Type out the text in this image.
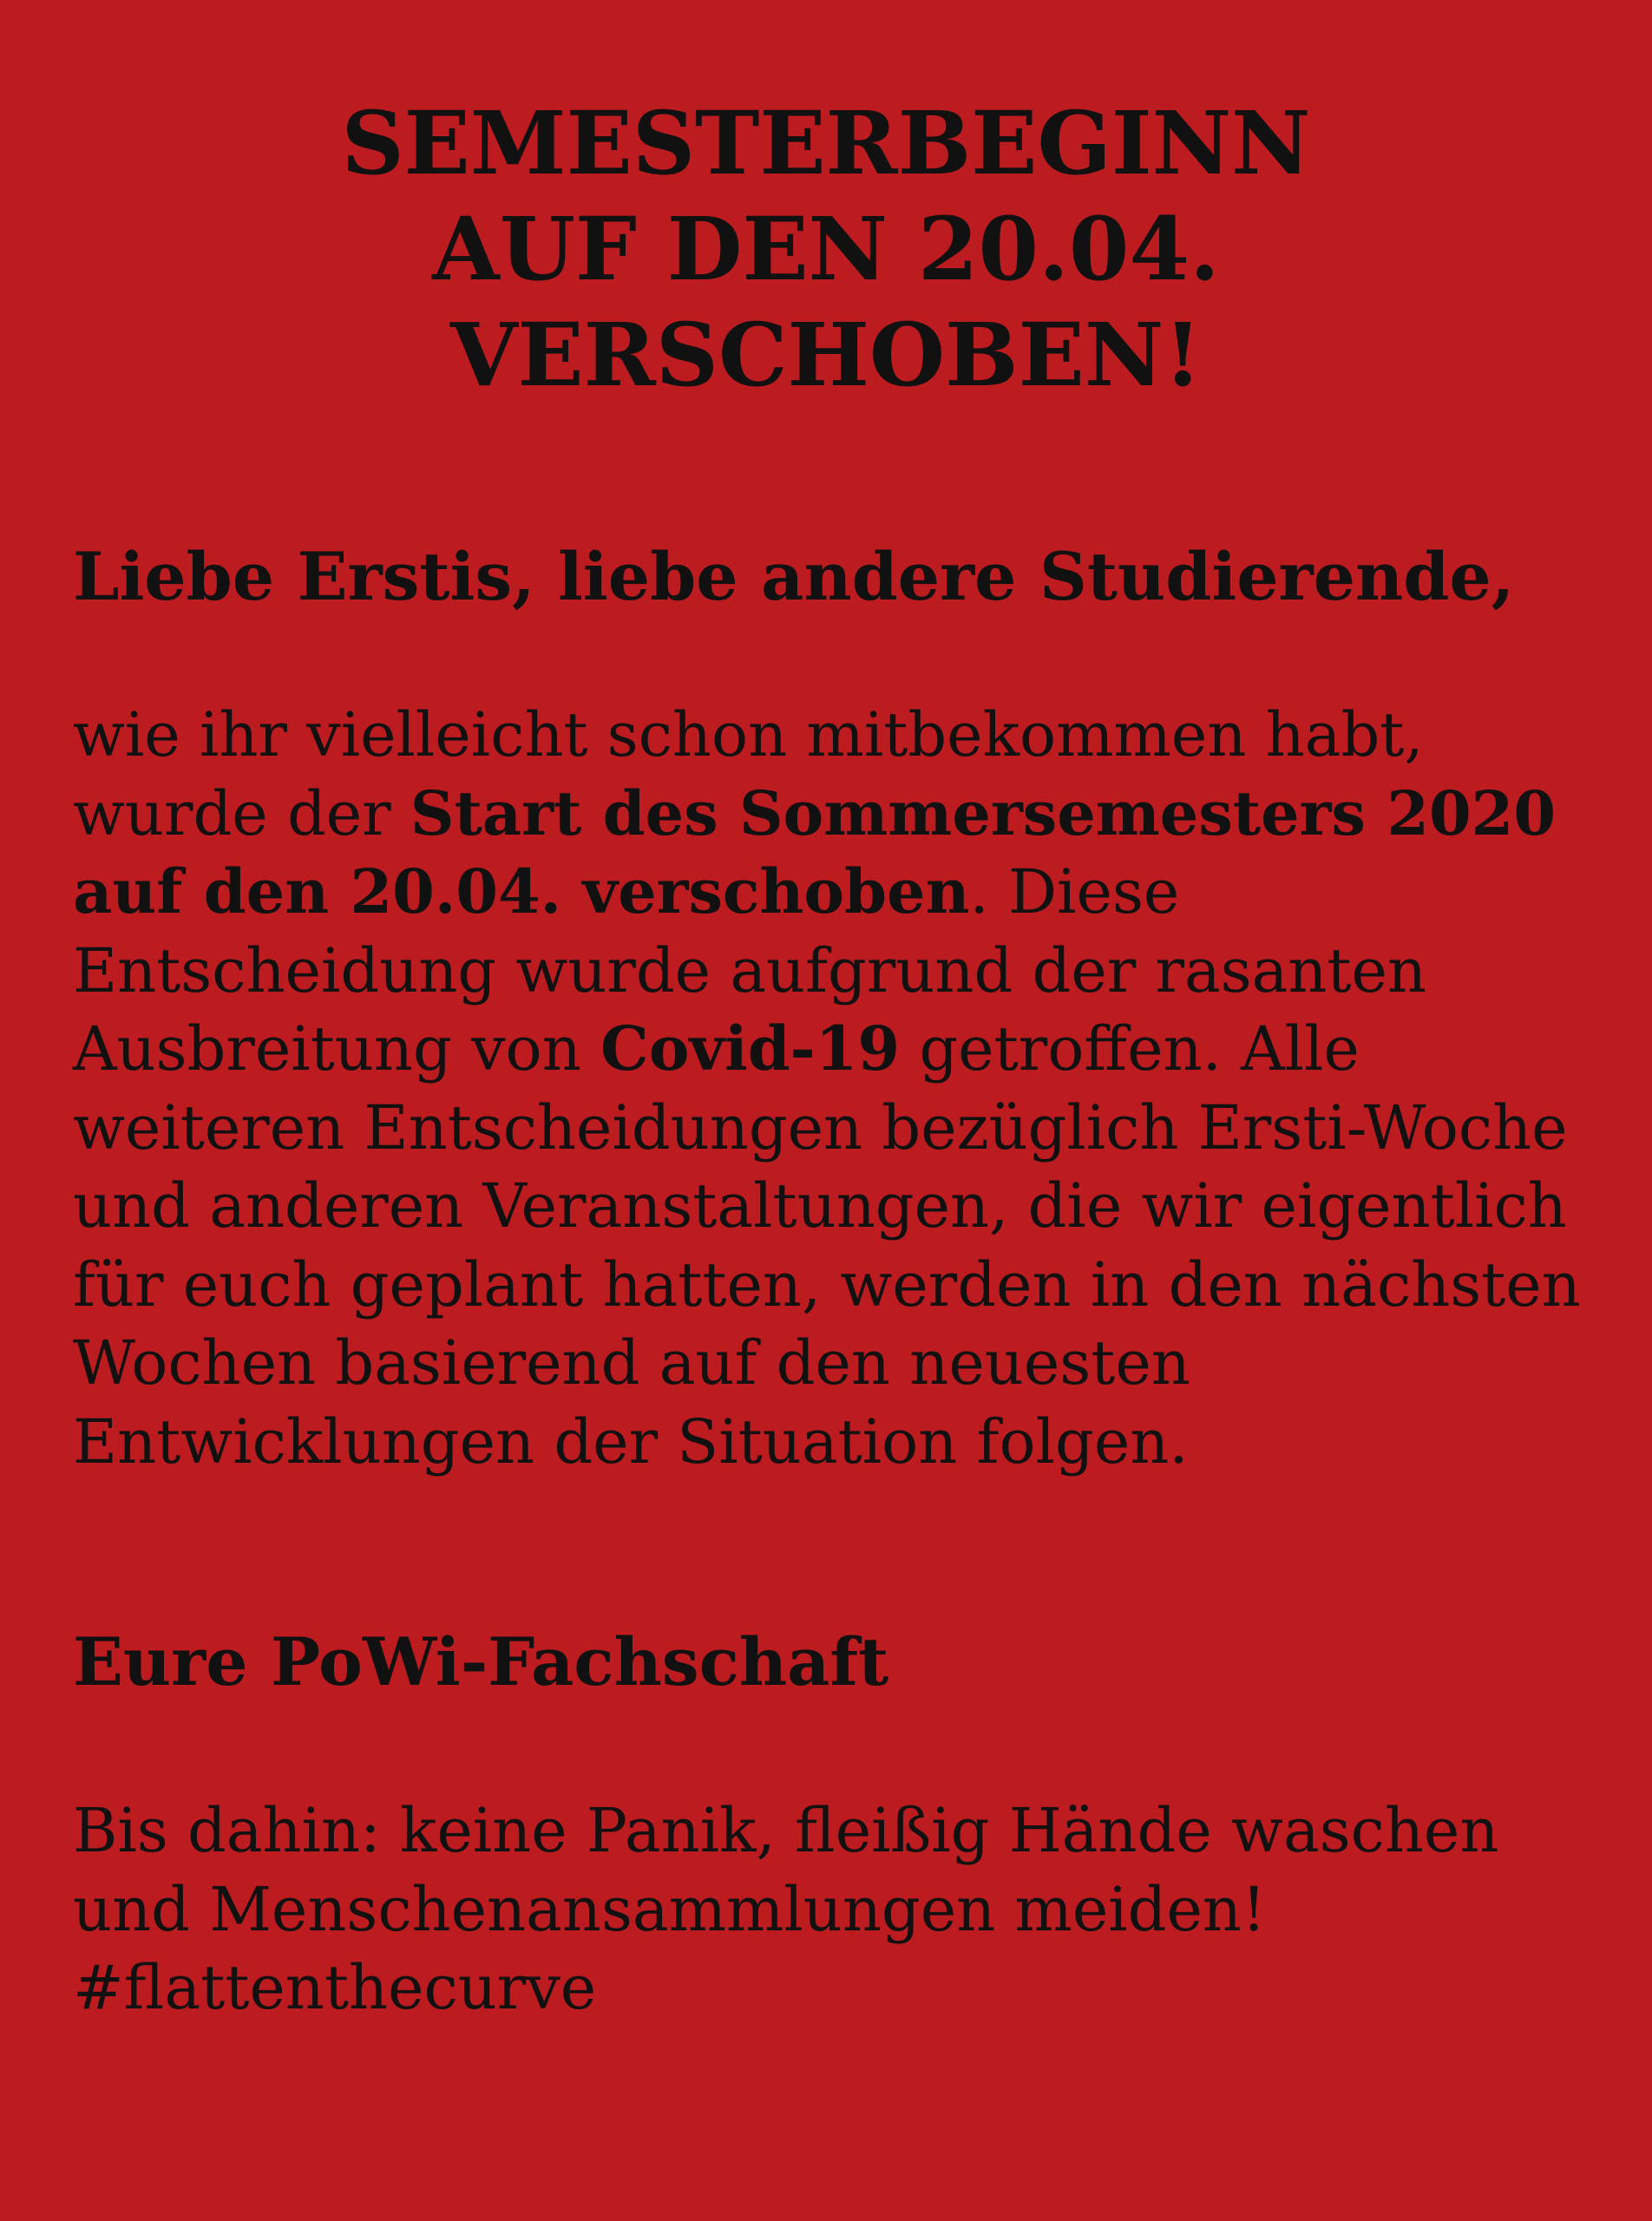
SEMESTERBEGINN
AUF DEN 20.04.
VERSCHOBEN!

Liebe Erstis, liebe andere Studierende,

wie ihr vielleicht schon mitbekommen habt,
wurde der Start des Sommersemesters 2020
auf den 20.04. verschoben. Diese
Entscheidung wurde aufgrund der rasanten
Ausbreitung von Covid-19 getroffen. Alle
weiteren Entscheidungen bezüglich Ersti-Woche
und anderen Veranstaltungen, die wir eigentlich
für euch geplant hatten, werden in den nächsten
Wochen basierend auf den neuesten
Entwicklungen der Situation folgen.

Eure PoWi-Fachschaft

Bis dahin: keine Panik, fleißig Hände waschen
und Menschenansammlungen meiden!
#flattenthecurve
